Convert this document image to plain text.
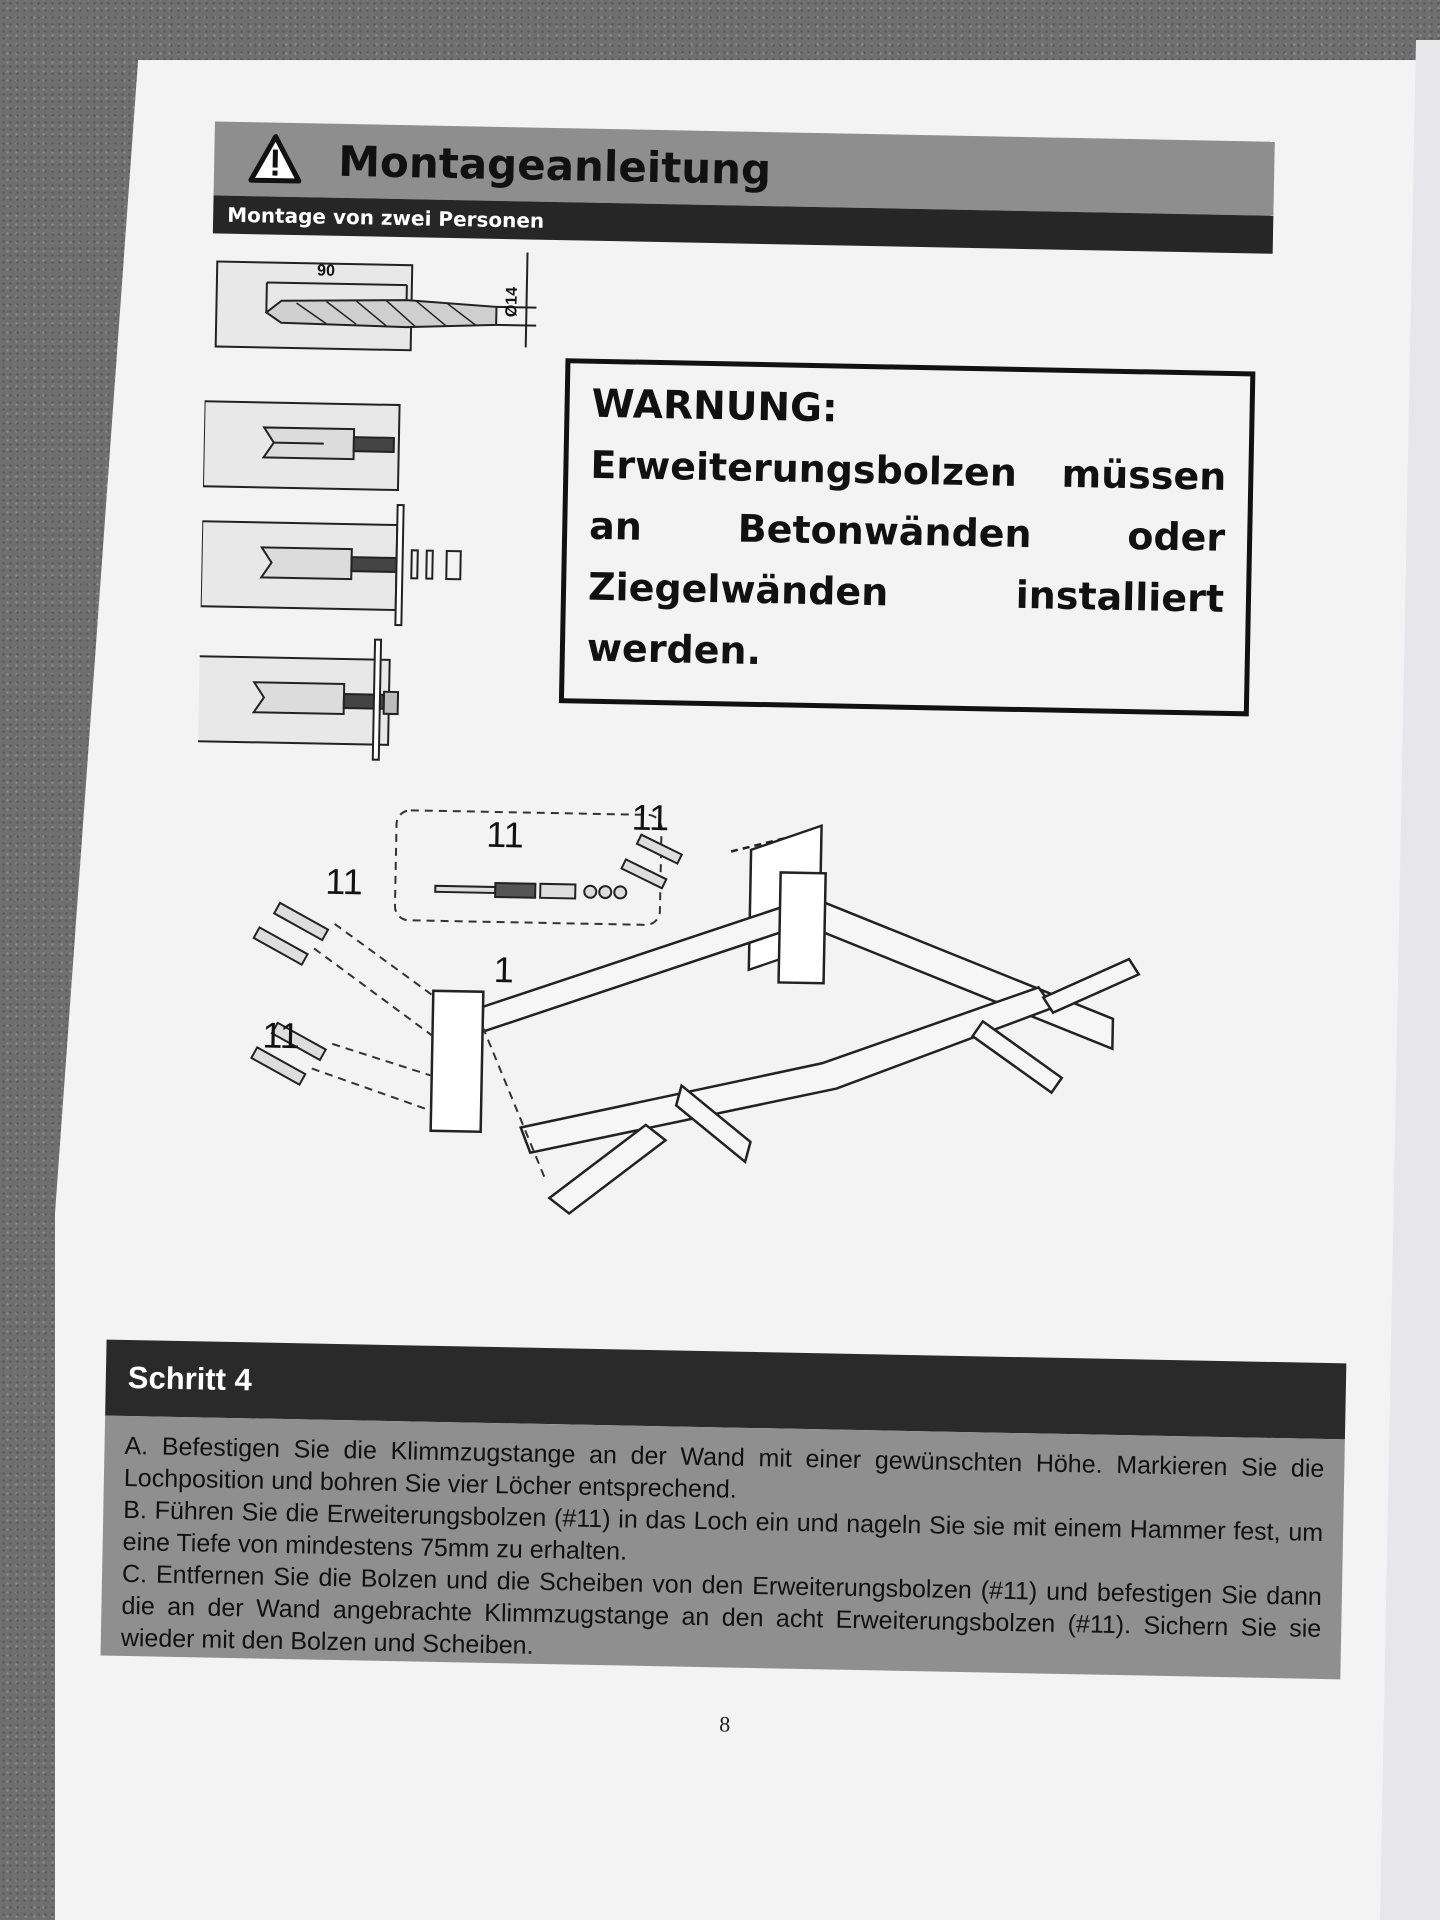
Montageanleitung
Montage von zwei Personen
90
Ø14
11	11
11
11
1
WARNUNG:
Erweiterungsbolzen müssen an Betonwänden oder Ziegelwänden installiert werden.
Schritt 4

A. Befestigen Sie die Klimmzugstange an der Wand mit einer gewünschten Höhe. Markieren Sie die Lochposition und bohren Sie vier Löcher entsprechend.

B. Führen Sie die Erweiterungsbolzen (#11) in das Loch ein und nageln Sie sie mit einem Hammer fest, um eine Tiefe von mindestens 75mm zu erhalten.

C. Entfernen Sie die Bolzen und die Scheiben von den Erweiterungsbolzen (#11) und befestigen Sie dann die an der Wand angebrachte Klimmzugstange an den acht Erweiterungsbolzen (#11). Sichern Sie sie wieder mit den Bolzen und Scheiben.

8
